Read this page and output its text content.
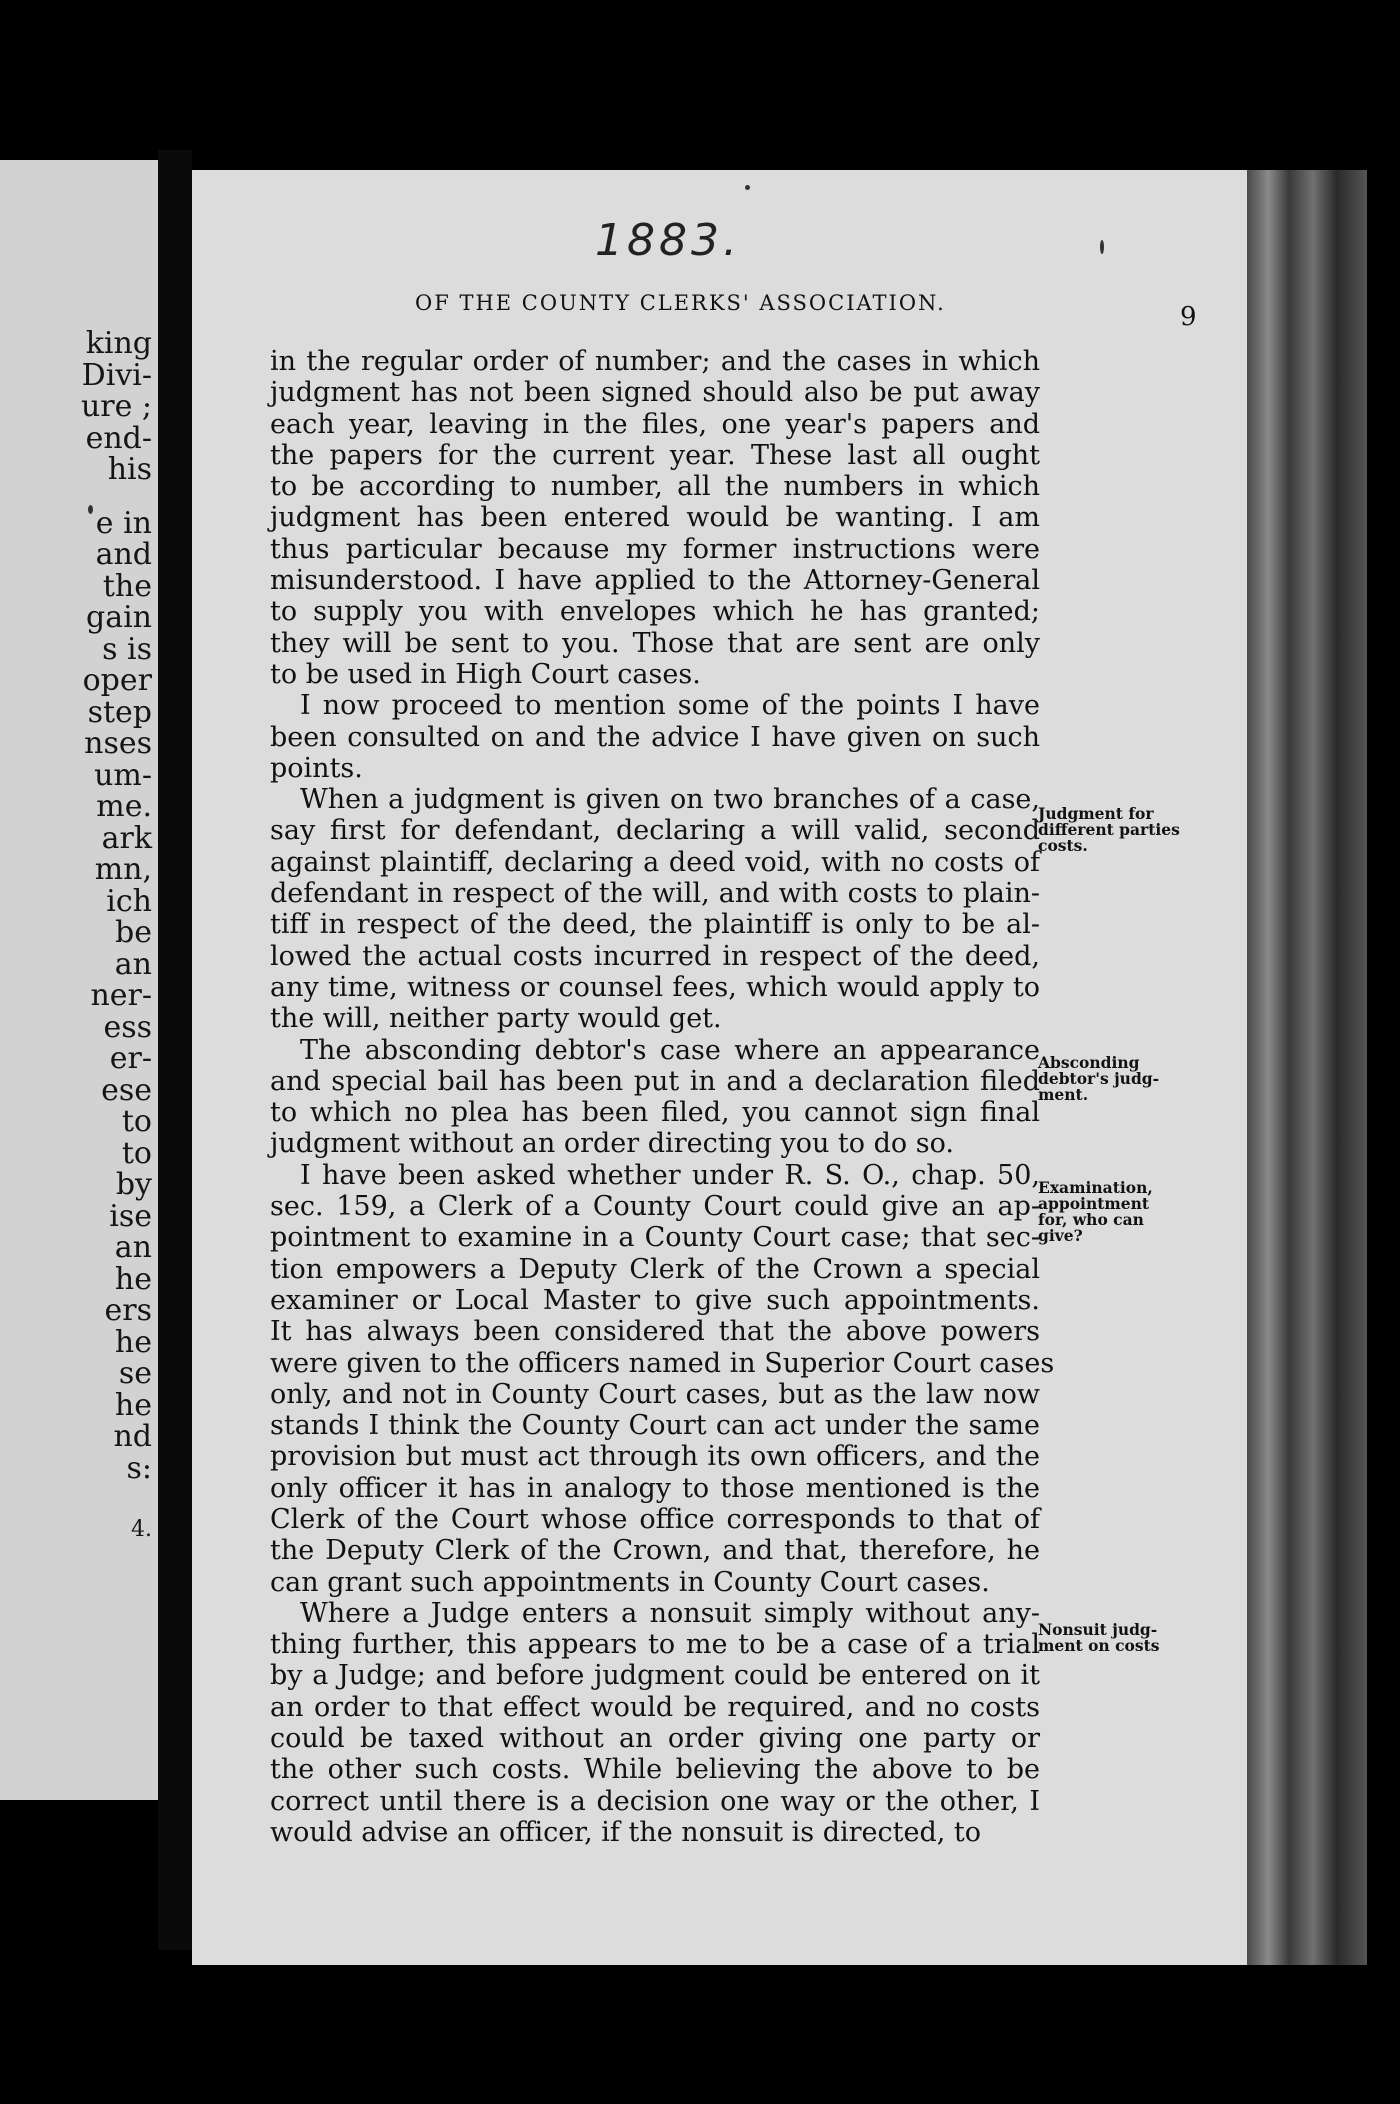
king
Divi-
ure ;
end-
his
e in
and
the
gain
s is
oper
step
nses
um-
me.
ark
mn,
ich
be
an
ner-
ess
er-
ese
to
to
by
ise
an
he
ers
he
se
he
nd
s:
4.
1883.
OF THE COUNTY CLERKS' ASSOCIATION.	9
in the regular order of number; and the cases in which
judgment has not been signed should also be put away
each year, leaving in the files, one year's papers and
the papers for the current year. These last all ought
to be according to number, all the numbers in which
judgment has been entered would be wanting. I am
thus particular because my former instructions were
misunderstood. I have applied to the Attorney-General
to supply you with envelopes which he has granted;
they will be sent to you. Those that are sent are only
to be used in High Court cases.
I now proceed to mention some of the points I have
been consulted on and the advice I have given on such
points.
When a judgment is given on two branches of a case,
say first for defendant, declaring a will valid, second
against plaintiff, declaring a deed void, with no costs of
defendant in respect of the will, and with costs to plain-
tiff in respect of the deed, the plaintiff is only to be al-
lowed the actual costs incurred in respect of the deed,
any time, witness or counsel fees, which would apply to
the will, neither party would get.
The absconding debtor's case where an appearance
and special bail has been put in and a declaration filed
to which no plea has been filed, you cannot sign final
judgment without an order directing you to do so.
I have been asked whether under R. S. O., chap. 50,
sec. 159, a Clerk of a County Court could give an ap-
pointment to examine in a County Court case; that sec-
tion empowers a Deputy Clerk of the Crown a special
examiner or Local Master to give such appointments.
It has always been considered that the above powers
were given to the officers named in Superior Court cases
only, and not in County Court cases, but as the law now
stands I think the County Court can act under the same
provision but must act through its own officers, and the
only officer it has in analogy to those mentioned is the
Clerk of the Court whose office corresponds to that of
the Deputy Clerk of the Crown, and that, therefore, he
can grant such appointments in County Court cases.
Where a Judge enters a nonsuit simply without any-
thing further, this appears to me to be a case of a trial
by a Judge; and before judgment could be entered on it
an order to that effect would be required, and no costs
could be taxed without an order giving one party or
the other such costs. While believing the above to be
correct until there is a decision one way or the other, I
would advise an officer, if the nonsuit is directed, to
Judgment for
different parties
costs.
Absconding
debtor's judg-
ment.
Examination,
appointment
for, who can
give?
Nonsuit judg-
ment on costs
